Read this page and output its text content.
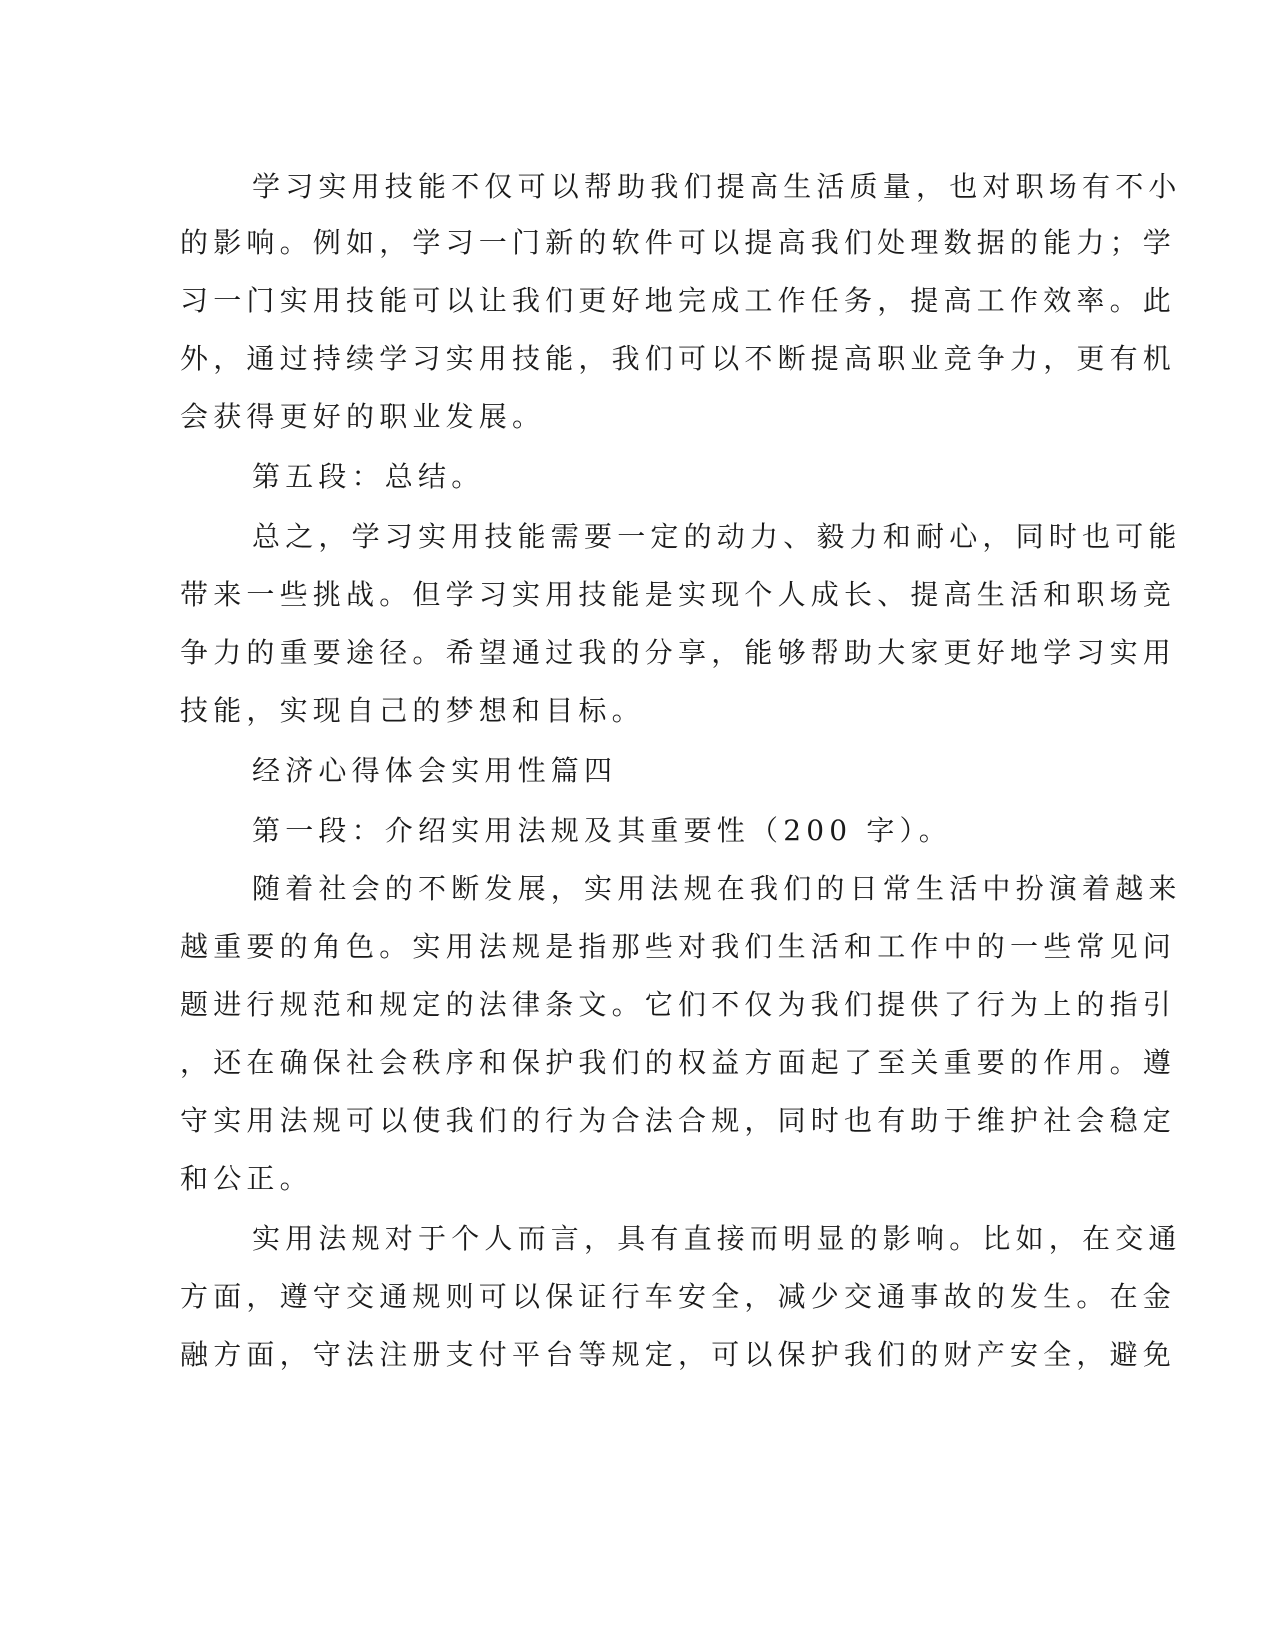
学习实用技能不仅可以帮助我们提高生活质量，也对职场有不小
的影响。例如，学习一门新的软件可以提高我们处理数据的能力；学
习一门实用技能可以让我们更好地完成工作任务，提高工作效率。此
外，通过持续学习实用技能，我们可以不断提高职业竞争力，更有机
会获得更好的职业发展。
第五段：总结。
总之，学习实用技能需要一定的动力、毅力和耐心，同时也可能
带来一些挑战。但学习实用技能是实现个人成长、提高生活和职场竞
争力的重要途径。希望通过我的分享，能够帮助大家更好地学习实用
技能，实现自己的梦想和目标。
经济心得体会实用性篇四
第一段：介绍实用法规及其重要性（200 字）。
随着社会的不断发展，实用法规在我们的日常生活中扮演着越来
越重要的角色。实用法规是指那些对我们生活和工作中的一些常见问
题进行规范和规定的法律条文。它们不仅为我们提供了行为上的指引
，还在确保社会秩序和保护我们的权益方面起了至关重要的作用。遵
守实用法规可以使我们的行为合法合规，同时也有助于维护社会稳定
和公正。
实用法规对于个人而言，具有直接而明显的影响。比如，在交通
方面，遵守交通规则可以保证行车安全，减少交通事故的发生。在金
融方面，守法注册支付平台等规定，可以保护我们的财产安全，避免
